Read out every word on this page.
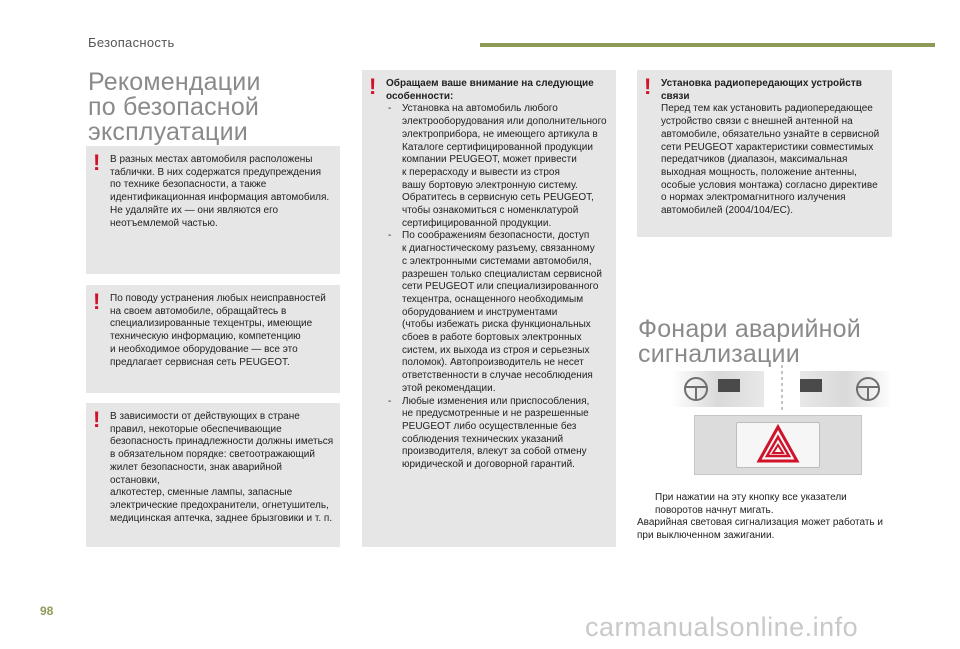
Безопасность
Рекомендации
по безопасной
эксплуатации
! В разных местах автомобиля расположены
таблички. В них содержатся предупреждения
по технике безопасности, а также
идентификационная информация автомобиля.
Не удаляйте их — они являются его
неотъемлемой частью.
! По поводу устранения любых неисправностей
на своем автомобиле, обращайтесь в
специализированные техцентры, имеющие
техническую информацию, компетенцию
и необходимое оборудование — все это
предлагает сервисная сеть PEUGEOT.
! В зависимости от действующих в стране
правил, некоторые обеспечивающие
безопасность принадлежности должны иметься
в обязательном порядке: светоотражающий
жилет безопасности, знак аварийной остановки,
алкотестер, сменные лампы, запасные
электрические предохранители, огнетушитель,
медицинская аптечка, заднее брызговики и т. п.
! Обращаем ваше внимание на следующие
особенности:
- Установка на автомобиль любого
электрооборудования или дополнительного
электроприбора, не имеющего артикула в
Каталоге сертифицированной продукции
компании PEUGEOT, может привести
к перерасходу и вывести из строя
вашу бортовую электронную систему.
Обратитесь в сервисную сеть PEUGEOT,
чтобы ознакомиться с номенклатурой
сертифицированной продукции.
- По соображениям безопасности, доступ
к диагностическому разъему, связанному
с электронными системами автомобиля,
разрешен только специалистам сервисной
сети PEUGEOT или специализированного
техцентра, оснащенного необходимым
оборудованием и инструментами
(чтобы избежать риска функциональных
сбоев в работе бортовых электронных
систем, их выхода из строя и серьезных
поломок). Автопроизводитель не несет
ответственности в случае несоблюдения
этой рекомендации.
- Любые изменения или приспособления,
не предусмотренные и не разрешенные
PEUGEOT либо осуществленные без
соблюдения технических указаний
производителя, влекут за собой отмену
юридической и договорной гарантий.
! Установка радиопередающих устройств
связи
Перед тем как установить радиопередающее
устройство связи с внешней антенной на
автомобиле, обязательно узнайте в сервисной
сети PEUGEOT характеристики совместимых
передатчиков (диапазон, максимальная
выходная мощность, положение антенны,
особые условия монтажа) согласно директиве
о нормах электромагнитного излучения
автомобилей (2004/104/EC).
Фонари аварийной
сигнализации
При нажатии на эту кнопку все указатели
поворотов начнут мигать.
Аварийная световая сигнализация может работать и
при выключенном зажигании.
98
carmanualsonline.info
